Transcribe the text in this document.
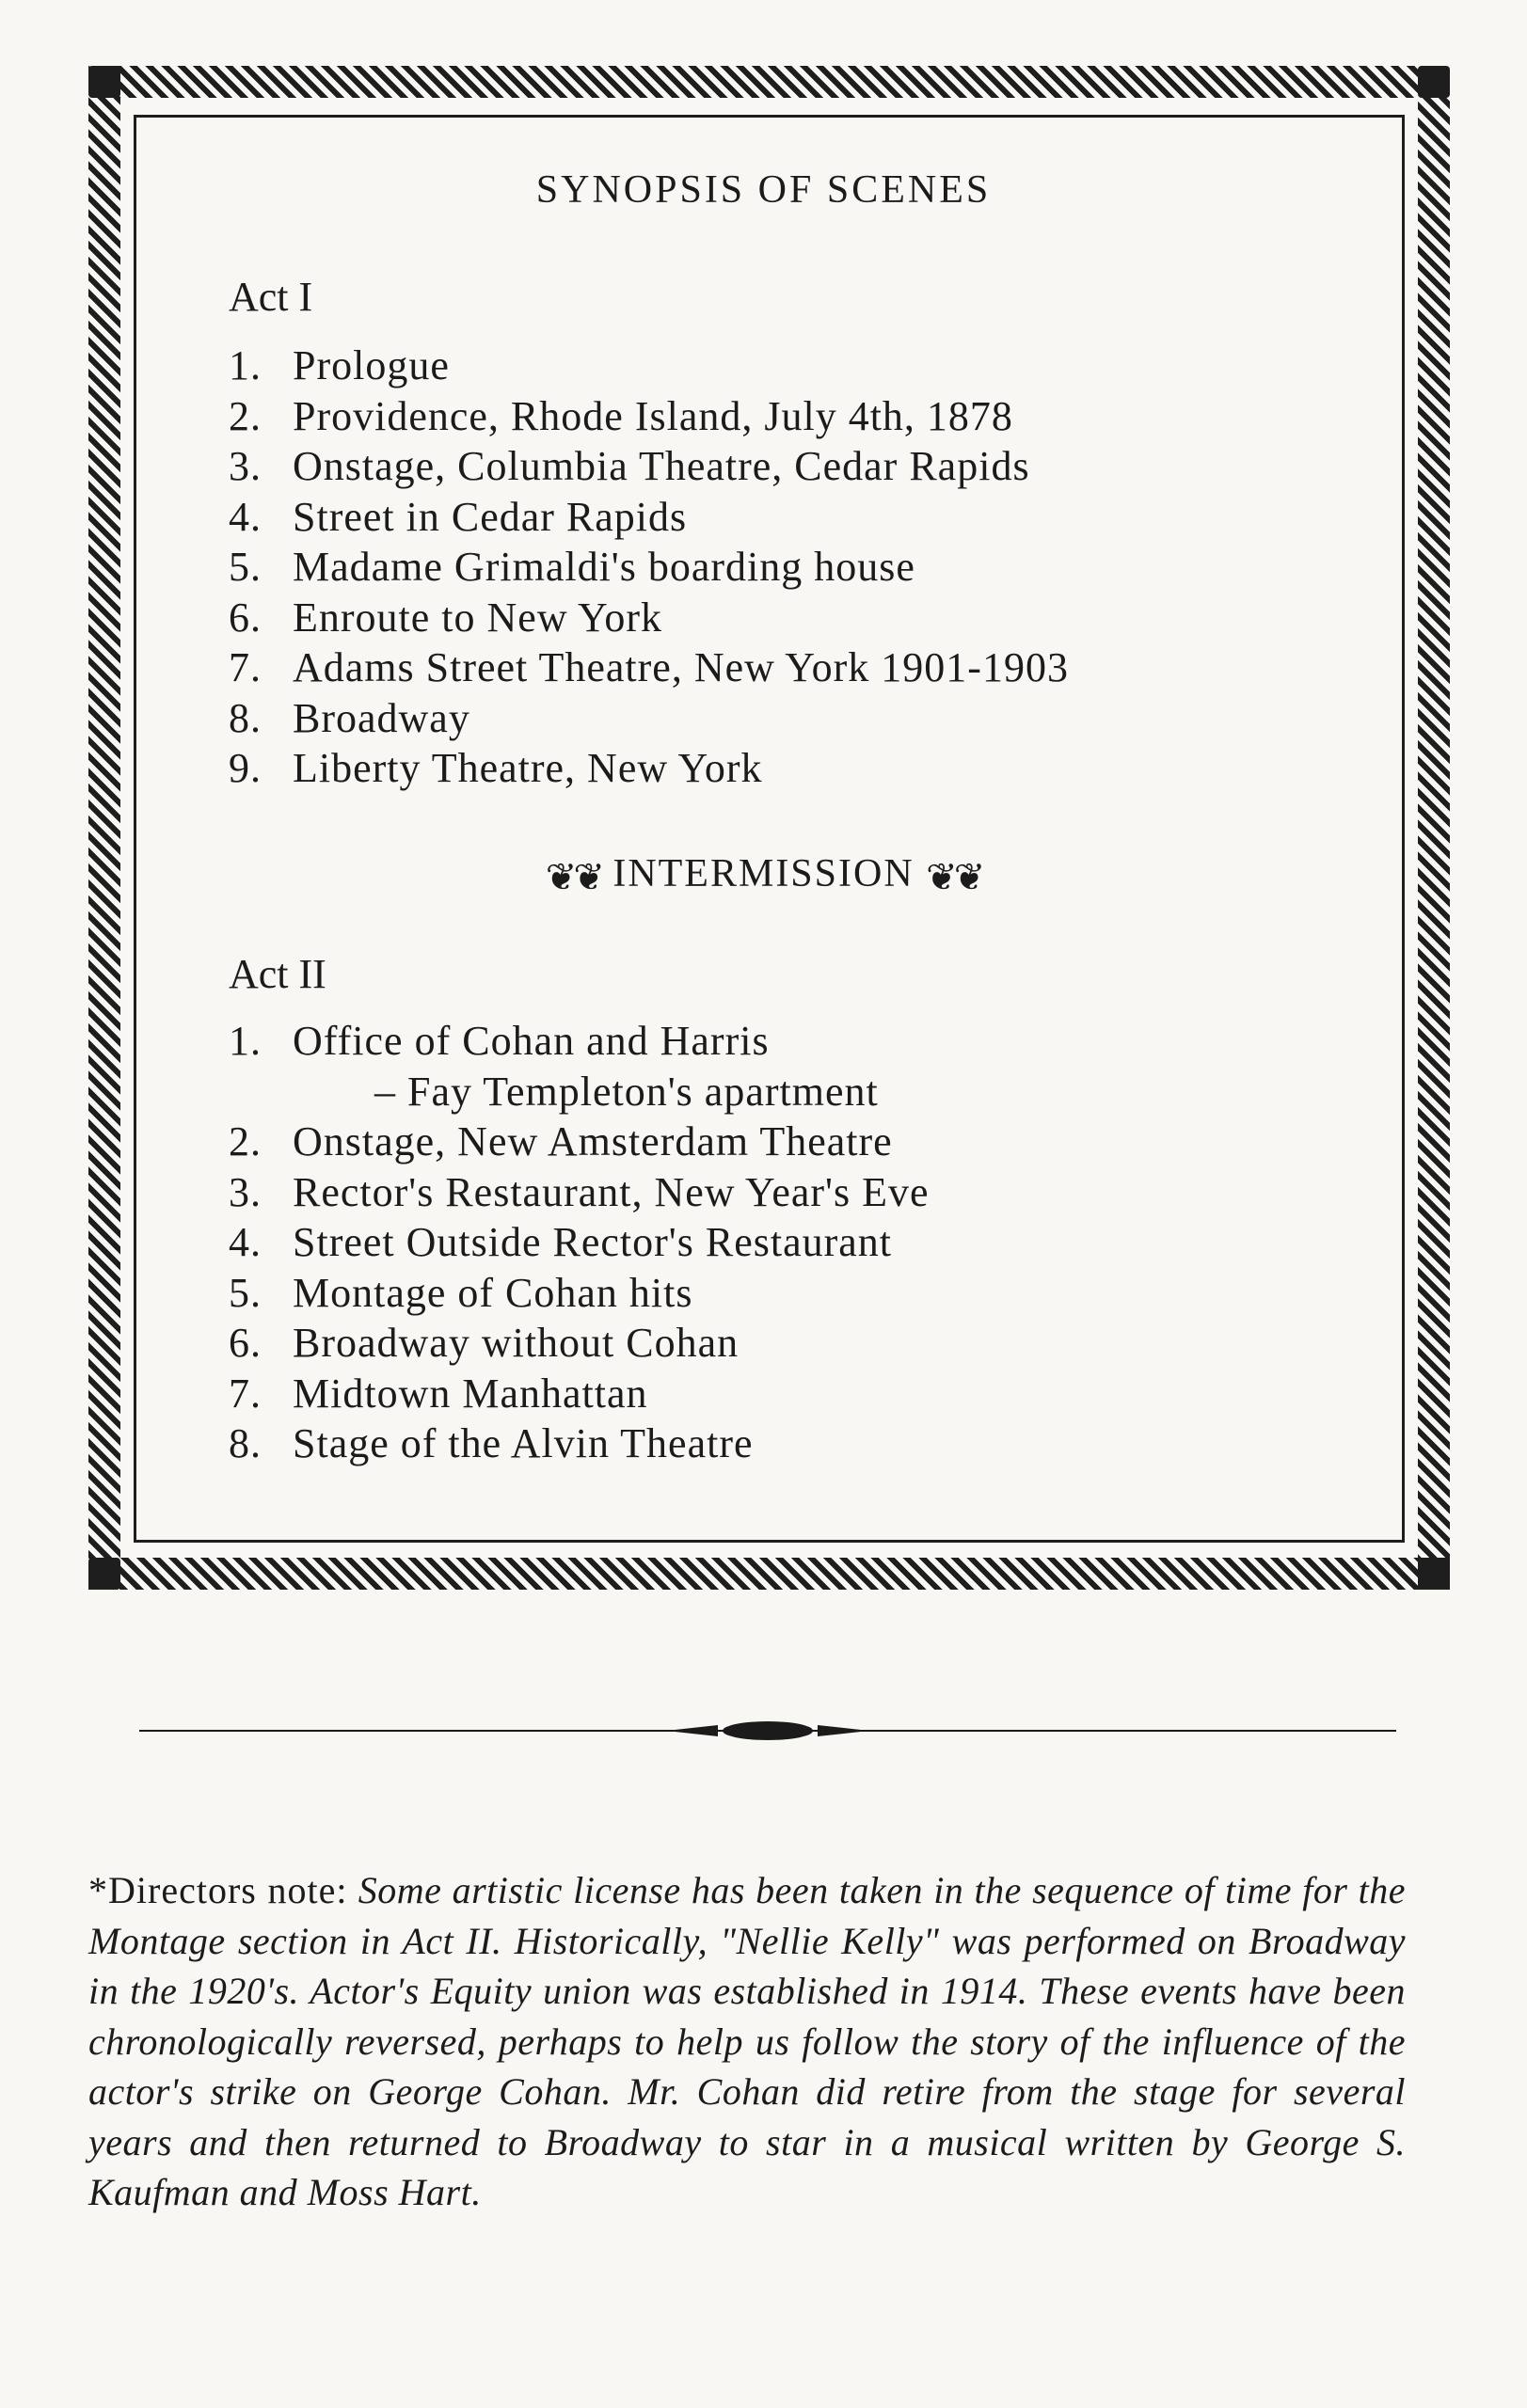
SYNOPSIS OF SCENES
Act I
1. Prologue
2. Providence, Rhode Island, July 4th, 1878
3. Onstage, Columbia Theatre, Cedar Rapids
4. Street in Cedar Rapids
5. Madame Grimaldi's boarding house
6. Enroute to New York
7. Adams Street Theatre, New York 1901-1903
8. Broadway
9. Liberty Theatre, New York
❦❦ INTERMISSION ❦❦
Act II
1. Office of Cohan and Harris
– Fay Templeton's apartment
2. Onstage, New Amsterdam Theatre
3. Rector's Restaurant, New Year's Eve
4. Street Outside Rector's Restaurant
5. Montage of Cohan hits
6. Broadway without Cohan
7. Midtown Manhattan
8. Stage of the Alvin Theatre
*Directors note: Some artistic license has been taken in the sequence of time for the Montage section in Act II. Historically, "Nellie Kelly" was performed on Broadway in the 1920's. Actor's Equity union was established in 1914. These events have been chronologically reversed, perhaps to help us follow the story of the influence of the actor's strike on George Cohan. Mr. Cohan did retire from the stage for several years and then returned to Broadway to star in a musical written by George S. Kaufman and Moss Hart.
